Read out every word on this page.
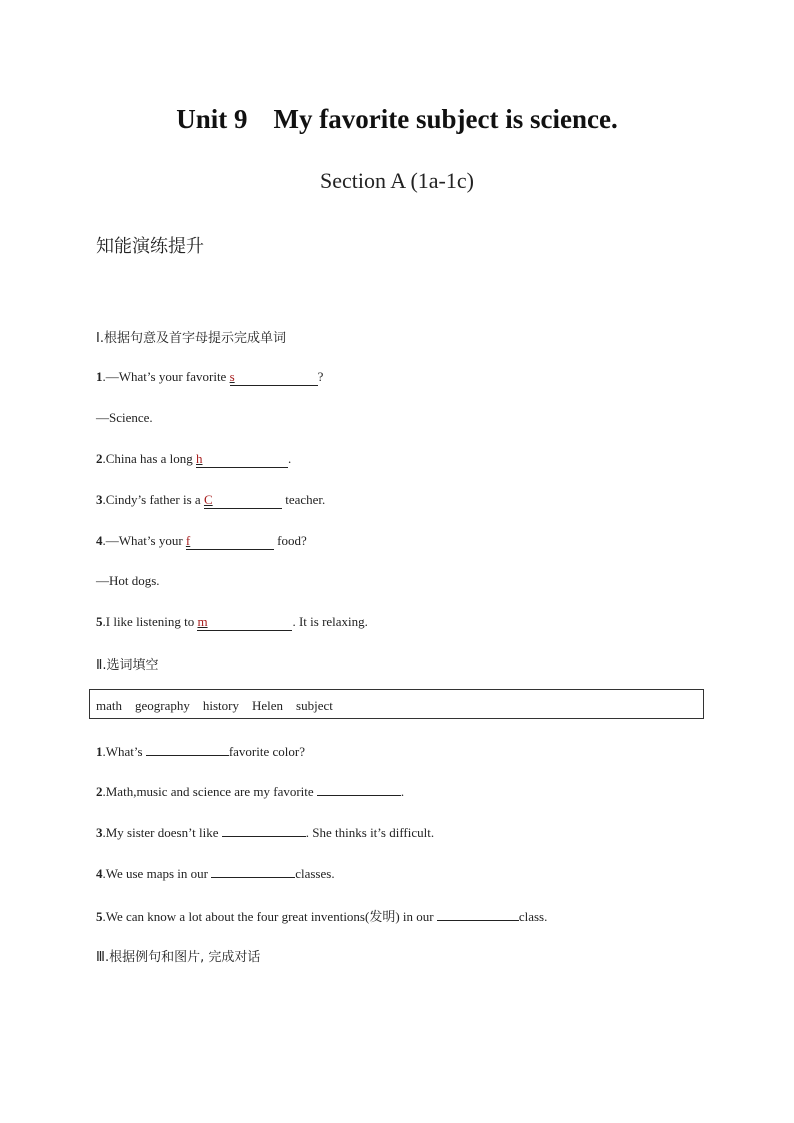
Unit 9 My favorite subject is science.
Section A (1a-1c)
知能演练提升
Ⅰ.根据句意及首字母提示完成单词
1.—What’s your favorite s	?
—Science.
2.China has a long h	.
3.Cindy’s father is a C	teacher.
4.—What’s your f	food?
—Hot dogs.
5.I like listening to m	. It is relaxing.
Ⅱ.选词填空
math geography history Helen subject
1.What’s	favorite color?
2.Math,music and science are my favorite	.
3.My sister doesn’t like	. She thinks it’s difficult.
4.We use maps in our	classes.
5.We can know a lot about the four great inventions(发明) in our	class.
Ⅲ.根据例句和图片, 完成对话
